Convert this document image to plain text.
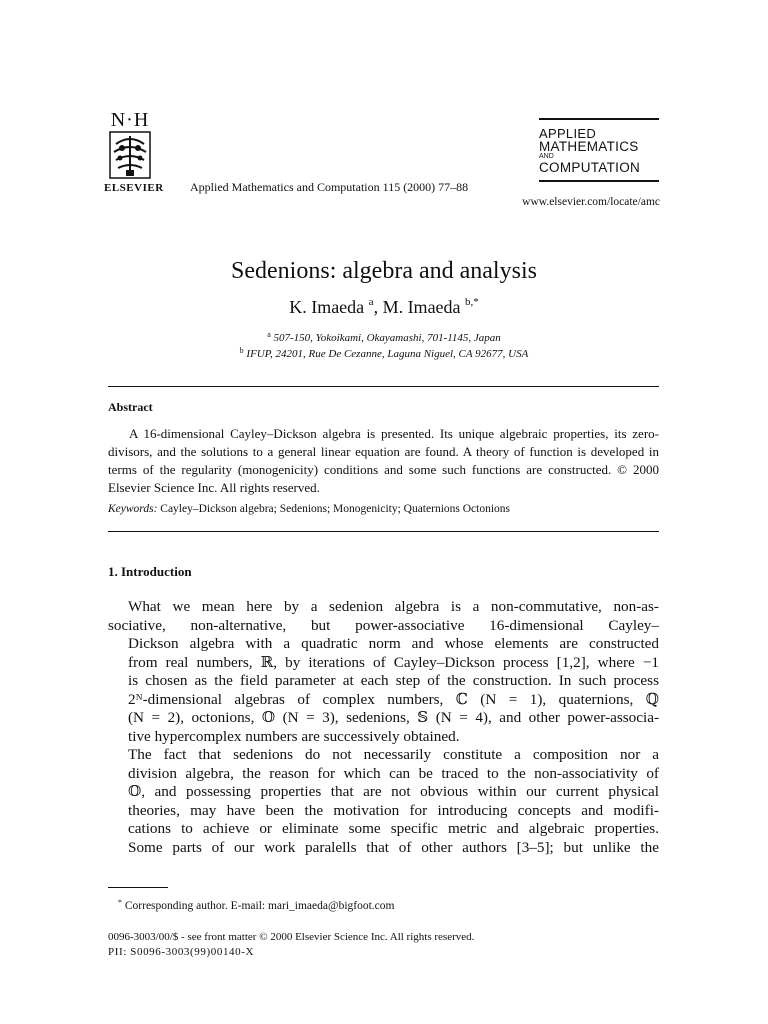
N·H
ELSEVIER	Applied Mathematics and Computation 115 (2000) 77–88
APPLIED
MATHEMATICS
AND
COMPUTATION
www.elsevier.com/locate/amc
Sedenions: algebra and analysis
K. Imaeda $^a$, M. Imaeda $^{b,*}$
$^a$ 507-150, Yokoikami, Okayamashi, 701-1145, Japan
$^b$ IFUP, 24201, Rue De Cezanne, Laguna Niguel, CA 92677, USA
Abstract
A 16-dimensional Cayley–Dickson algebra is presented. Its unique algebraic properties, its zero-divisors, and the solutions to a general linear equation are found. A theory of function is developed in terms of the regularity (monogenicity) conditions and some such functions are constructed. © 2000 Elsevier Science Inc. All rights reserved.
Keywords: Cayley–Dickson algebra; Sedenions; Monogenicity; Quaternions Octonions
1. Introduction
What we mean here by a sedenion algebra is a non-commutative, non-as-
sociative, non-alternative, but power-associative 16-dimensional Cayley–
Dickson algebra with a quadratic norm and whose elements are constructed
from real numbers, ℝ, by iterations of Cayley–Dickson process [1,2], where −1
is chosen as the field parameter at each step of the construction. In such process
2ᴺ-dimensional algebras of complex numbers, ℂ (N = 1), quaternions, ℚ
(N = 2), octonions, 𝕆 (N = 3), sedenions, 𝕊 (N = 4), and other power-associa-
tive hypercomplex numbers are successively obtained.
The fact that sedenions do not necessarily constitute a composition nor a
division algebra, the reason for which can be traced to the non-associativity of
𝕆, and possessing properties that are not obvious within our current physical
theories, may have been the motivation for introducing concepts and modifi-
cations to achieve or eliminate some specific metric and algebraic properties.
Some parts of our work paralells that of other authors [3–5]; but unlike the
* Corresponding author. E-mail: mari_imaeda@bigfoot.com
0096-3003/00/$ - see front matter © 2000 Elsevier Science Inc. All rights reserved.
PII: S0096-3003(99)00140-X
